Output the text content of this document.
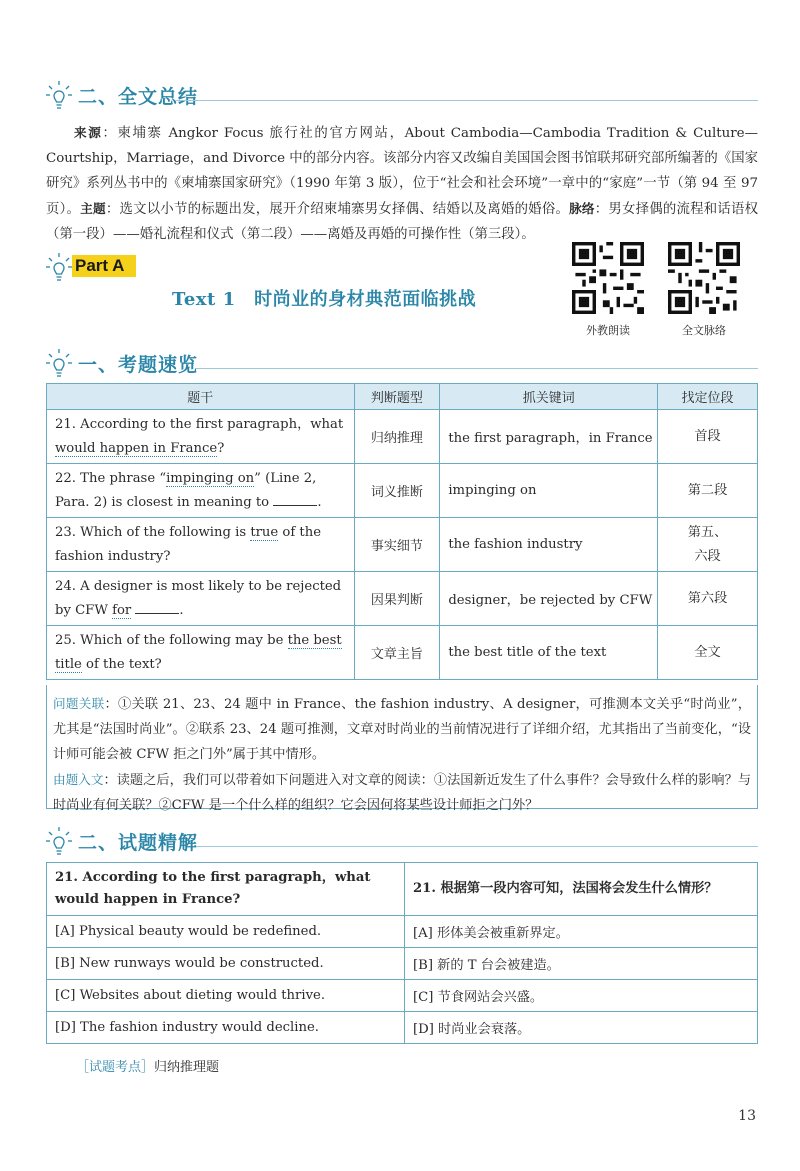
二、全文总结
来源：柬埔寨 Angkor Focus 旅行社的官方网站，About Cambodia—Cambodia Tradition & Culture—Courtship，Marriage，and Divorce 中的部分内容。该部分内容又改编自美国国会图书馆联邦研究部所编著的《国家研究》系列丛书中的《柬埔寨国家研究》（1990 年第 3 版），位于“社会和社会环境”一章中的“家庭”一节（第 94 至 97 页）。主题：选文以小节的标题出发，展开介绍柬埔寨男女择偶、结婚以及离婚的婚俗。脉络：男女择偶的流程和话语权（第一段）——婚礼流程和仪式（第二段）——离婚及再婚的可操作性（第三段）。
Part A
Text 1　时尚业的身材典范面临挑战
外教朗读	全文脉络
一、考题速览
题干	判断题型	抓关键词	找定位段
21. According to the first paragraph，what would happen in France?	归纳推理	the first paragraph，in France	首段
22. The phrase “impinging on” (Line 2, Para. 2) is closest in meaning to .	词义推断	impinging on	第二段
23. Which of the following is true of the fashion industry?	事实细节	the fashion industry	第五、六段
24. A designer is most likely to be rejected by CFW for .	因果判断	designer，be rejected by CFW	第六段
25. Which of the following may be the best title of the text?	文章主旨	the best title of the text	全文

问题关联：①关联 21、23、24 题中 in France、the fashion industry、A designer，可推测本文关乎“时尚业”，尤其是“法国时尚业”。②联系 23、24 题可推测，文章对时尚业的当前情况进行了详细介绍，尤其指出了当前变化，“设计师可能会被 CFW 拒之门外”属于其中情形。

由题入文：读题之后，我们可以带着如下问题进入对文章的阅读：①法国新近发生了什么事件？会导致什么样的影响？与时尚业有何关联？②CFW 是一个什么样的组织？它会因何将某些设计师拒之门外？

二、试题精解
21. According to the first paragraph，what would happen in France?	21. 根据第一段内容可知，法国将会发生什么情形？
[A] Physical beauty would be redefined.	[A] 形体美会被重新界定。
[B] New runways would be constructed.	[B] 新的 T 台会被建造。
[C] Websites about dieting would thrive.	[C] 节食网站会兴盛。
[D] The fashion industry would decline.	[D] 时尚业会衰落。
［试题考点］归纳推理题
13
